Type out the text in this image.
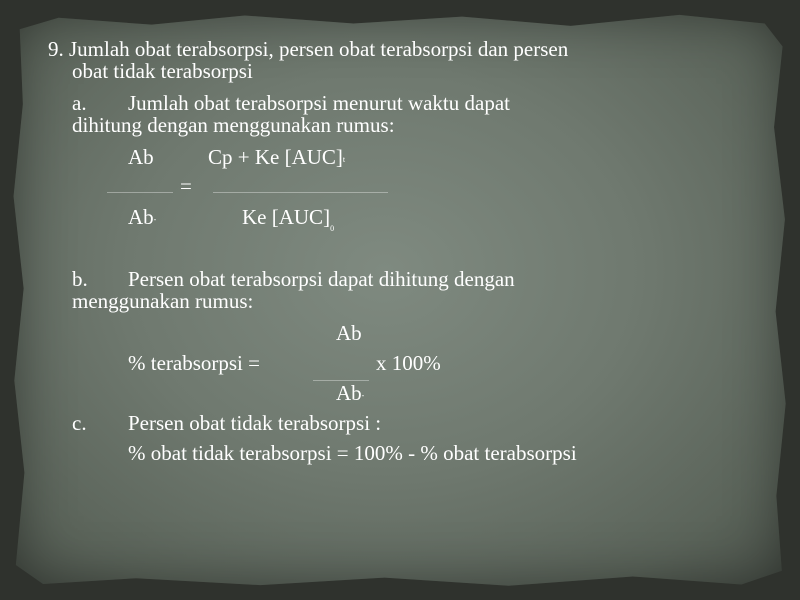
9. Jumlah obat terabsorpsi, persen obat terabsorpsi dan persen

obat tidak terabsorpsi

a. Jumlah obat terabsorpsi menurut waktu dapat

dihitung dengan menggunakan rumus:

Ab	Cp + Ke [AUC]$^t$

=

Ab-	Ke $[AUC]_0$

b. Persen obat terabsorpsi dapat dihitung dengan

menggunakan rumus:

Ab

% terabsorpsi =	x 100%

Ab-

c. Persen obat tidak terabsorpsi :

% obat tidak terabsorpsi = 100% - % obat terabsorpsi
